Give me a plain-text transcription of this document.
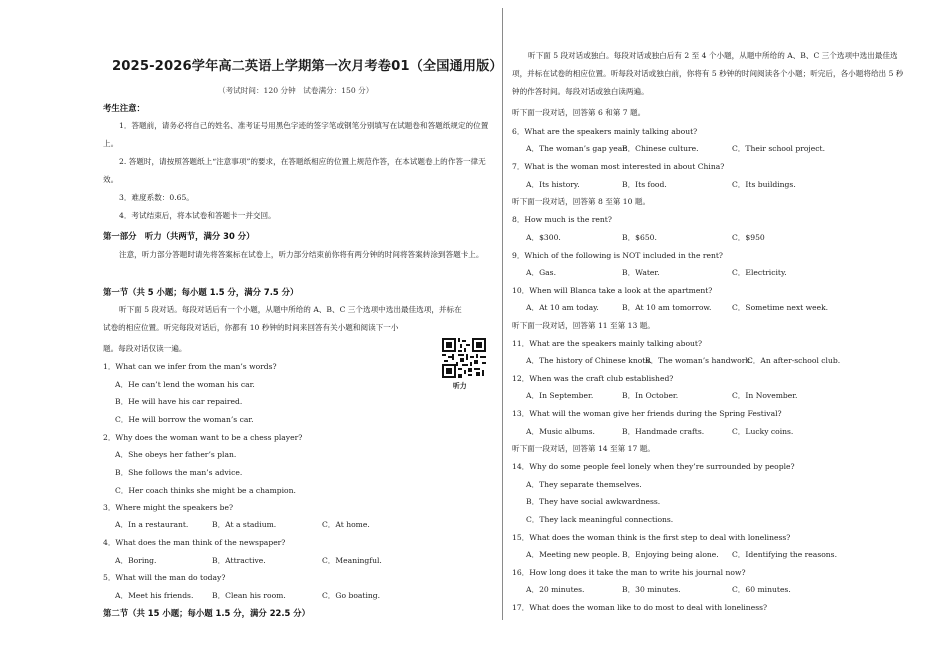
2025-2026学年高二英语上学期第一次月考卷01（全国通用版）
（考试时间：120 分钟　试卷满分：150 分）
考生注意：
1．答题前，请务必将自己的姓名、准考证号用黑色字迹的签字笔或钢笔分别填写在试题卷和答题纸规定的位置上。
2. 答题时，请按照答题纸上“注意事项”的要求，在答题纸相应的位置上规范作答，在本试题卷上的作答一律无效。
3．难度系数：0.65。
4．考试结束后，将本试卷和答题卡一并交回。
第一部分　听力（共两节，满分 30 分）
注意，听力部分答题时请先将答案标在试卷上，听力部分结束前你将有两分钟的时间将答案转涂到答题卡上。
第一节（共 5 小题；每小题 1.5 分，满分 7.5 分）
听下面 5 段对话。每段对话后有一个小题，从题中所给的 A、B、C 三个选项中选出最佳选项，并标在
试卷的相应位置。听完每段对话后，你都有 10 秒钟的时间来回答有关小题和阅读下一小
题。每段对话仅读一遍。
听力
1．What can we infer from the man’s words?
A．He can’t lend the woman his car.
B．He will have his car repaired.
C．He will borrow the woman’s car.
2．Why does the woman want to be a chess player?
A．She obeys her father’s plan.
B．She follows the man’s advice.
C．Her coach thinks she might be a champion.
3．Where might the speakers be?
A．In a restaurant.	B．At a stadium.	C．At home.
4．What does the man think of the newspaper?
A．Boring.	B．Attractive.	C．Meaningful.
5．What will the man do today?
A．Meet his friends. B．Clean his room.	C．Go boating.
第二节（共 15 小题；每小题 1.5 分，满分 22.5 分）
听下面 5 段对话或独白。每段对话或独白后有 2 至 4 个小题，从题中所给的 A、B、C 三个选项中选出最佳选项，并标在试卷的相应位置。听每段对话或独白前，你将有 5 秒钟的时间阅读各个小题；听完后，各小题将给出 5 秒钟的作答时间。每段对话或独白读两遍。
听下面一段对话，回答第 6 和第 7 题。
6．What are the speakers mainly talking about?
A．The woman’s gap year.
B．Chinese culture.	C．Their school project.
7．What is the woman most interested in about China?
A．Its history.	B．Its food.	C．Its buildings.
听下面一段对话，回答第 8 至第 10 题。
8．How much is the rent?
A．$300.	B．$650.	C．$950
9．Which of the following is NOT included in the rent?
A．Gas.	B．Water.	C．Electricity.
10．When will Blanca take a look at the apartment?
A．At 10 am today.	B．At 10 am tomorrow.	C．Sometime next week.
听下面一段对话，回答第 11 至第 13 题。
11．What are the speakers mainly talking about?
A．The history of Chinese knots.
B．The woman’s handwork.
C．An after-school club.
12．When was the craft club established?
A．In September.	B．In October.	C．In November.
13．What will the woman give her friends during the Spring Festival?
A．Music albums.	B．Handmade crafts.	C．Lucky coins.
听下面一段对话，回答第 14 至第 17 题。
14．Why do some people feel lonely when they’re surrounded by people?
A．They separate themselves.
B．They have social awkwardness.
C．They lack meaningful connections.
15．What does the woman think is the first step to deal with loneliness?
A．Meeting new people. B．Enjoying being alone. C．Identifying the reasons.
16．How long does it take the man to write his journal now?
A．20 minutes.	B．30 minutes.	C．60 minutes.
17．What does the woman like to do most to deal with loneliness?
